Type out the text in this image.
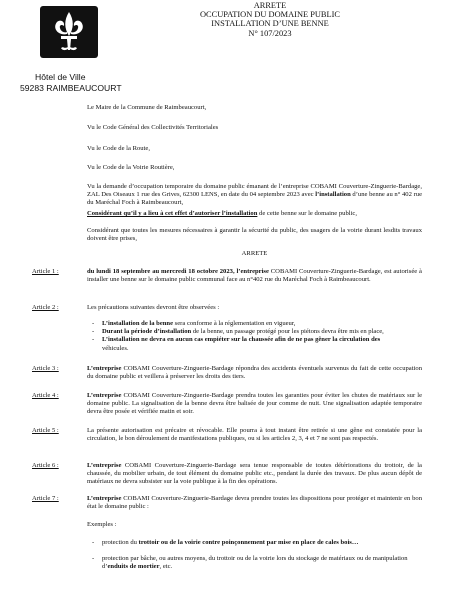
ARRETE
OCCUPATION DU DOMAINE PUBLIC
INSTALLATION D’UNE BENNE
N° 107/2023
Hôtel de Ville
59283 RAIMBEAUCOURT
Le Maire de la Commune de Raimbeaucourt,
Vu le Code Général des Collectivités Territoriales
Vu le Code de la Route,
Vu le Code de la Voirie Routière,
Vu la demande d’occupation temporaire du domaine public émanant de l’entreprise COBAMI Couverture-Zinguerie-Bardage, ZAL Des Oiseaux 1 rue des Grives, 62300 LENS, en date du 04 septembre 2023 avec l’installation d’une benne au n° 402 rue du Maréchal Foch à Raimbeaucourt,
Considérant qu’il y a lieu à cet effet d’autoriser l’installation de cette benne sur le domaine public,
Considérant que toutes les mesures nécessaires à garantir la sécurité du public, des usagers de la voirie durant lesdits travaux doivent être prises,
ARRETE
Article 1 :	du lundi 18 septembre au mercredi 18 octobre 2023, l’entreprise COBAMI Couverture-Zinguerie-Bardage, est autorisée à installer une benne sur le domaine public communal face au n°402 rue du Maréchal Foch à Raimbeaucourt.
Article 2 :	Les précautions suivantes devront être observées :
- L’installation de la benne sera conforme à la réglementation en vigueur,
- Durant la période d’installation de la benne, un passage protégé pour les piétons devra être mis en place,
- L’installation ne devra en aucun cas empiéter sur la chaussée afin de ne pas gêner la circulation des
véhicules.
Article 3 :	L’entreprise COBAMI Couverture-Zinguerie-Bardage répondra des accidents éventuels survenus du fait de cette occupation du domaine public et veillera à préserver les droits des tiers.
Article 4 :	L’entreprise COBAMI Couverture-Zinguerie-Bardage prendra toutes les garanties pour éviter les chutes de matériaux sur le domaine public. La signalisation de la benne devra être balisée de jour comme de nuit. Une signalisation adaptée temporaire devra être posée et vérifiée matin et soir.
Article 5 :	La présente autorisation est précaire et révocable. Elle pourra à tout instant être retirée si une gêne est constatée pour la circulation, le bon déroulement de manifestations publiques, ou si les articles 2, 3, 4 et 7 ne sont pas respectés.
Article 6 :	L’entreprise COBAMI Couverture-Zinguerie-Bardage sera tenue responsable de toutes détériorations du trottoir, de la chaussée, du mobilier urbain, de tout élément du domaine public etc., pendant la durée des travaux. De plus aucun dépôt de matériaux ne devra subsister sur la voie publique à la fin des opérations.
Article 7 :	L’entreprise COBAMI Couverture-Zinguerie-Bardage devra prendre toutes les dispositions pour protéger et maintenir en bon état le domaine public :
Exemples :
- protection du trottoir ou de la voirie contre poinçonnement par mise en place de cales bois…
- protection par bâche, ou autres moyens, du trottoir ou de la voirie lors du stockage de matériaux ou de manipulation d’enduits de mortier, etc.
